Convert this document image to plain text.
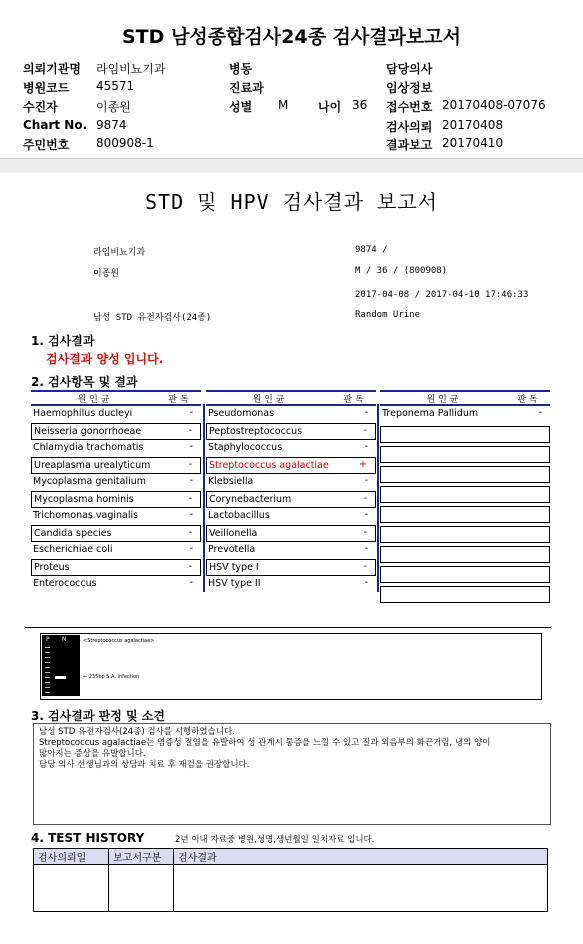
STD 남성종합검사24종 검사결과보고서
의뢰기관명 라임비뇨기과
병원코드 45571
수진자	이종원
Chart No. 9874
주민번호 800908-1
병동
진료과
성별 M 나이 36
담당의사
임상정보
접수번호 20170408-07076
검사의뢰 20170408
결과보고 20170410
STD 및 HPV 검사결과 보고서
라임비뇨기과	9874 /
이종원	M / 36 / (800908)
2017-04-08 / 2017-04-10 17:46:33
남성 STD 유전자검사(24종)	Random Urine
1. 검사결과
검사결과 양성 입니다.
2. 검사항목 및 결과
원 인 균	판 독
Haemophilus ducleyi	-
Neisseria gonorrhoeae	-
Chlamydia trachomatis	-
Ureaplasma urealyticum	-
Mycoplasma genitalium	-
Mycoplasma hominis	-
Trichomonas vaginalis	-
Candida species	-
Escherichiae coli	-
Proteus	-
Enterococcus	-
원 인 균	판 독
Pseudomonas	-
Peptostreptococcus	-
Staphylococcus	-
Streptococcus agalactiae	+
Klebsiella	-
Corynebacterium	-
Lactobacillus	-
Veillonella	-
Prevotella	-
HSV type I	-
HSV type II	-
원 인 균	판 독
Treponema Pallidum	-
P N	<Streptococcus agalactiae>
← 235bp S.A. infection
3. 검사결과 판정 및 소견
남성 STD 유전자검사(24종) 검사를 시행하였습니다.
Streptococcus agalactiae는 염증성 질염을 유발하여 성 관계시 통증을 느낄 수 있고 질과 외음부의 화끈거림, 냉의 양이
많아지는 증상을 유발합니다.
담당 의사 선생님과의 상담과 치료 후 재검을 권장합니다.
4. TEST HISTORY	2년 이내 자료중 병원,성명,생년월일 일치자료 입니다.
검사의뢰일	보고서구분	검사결과
